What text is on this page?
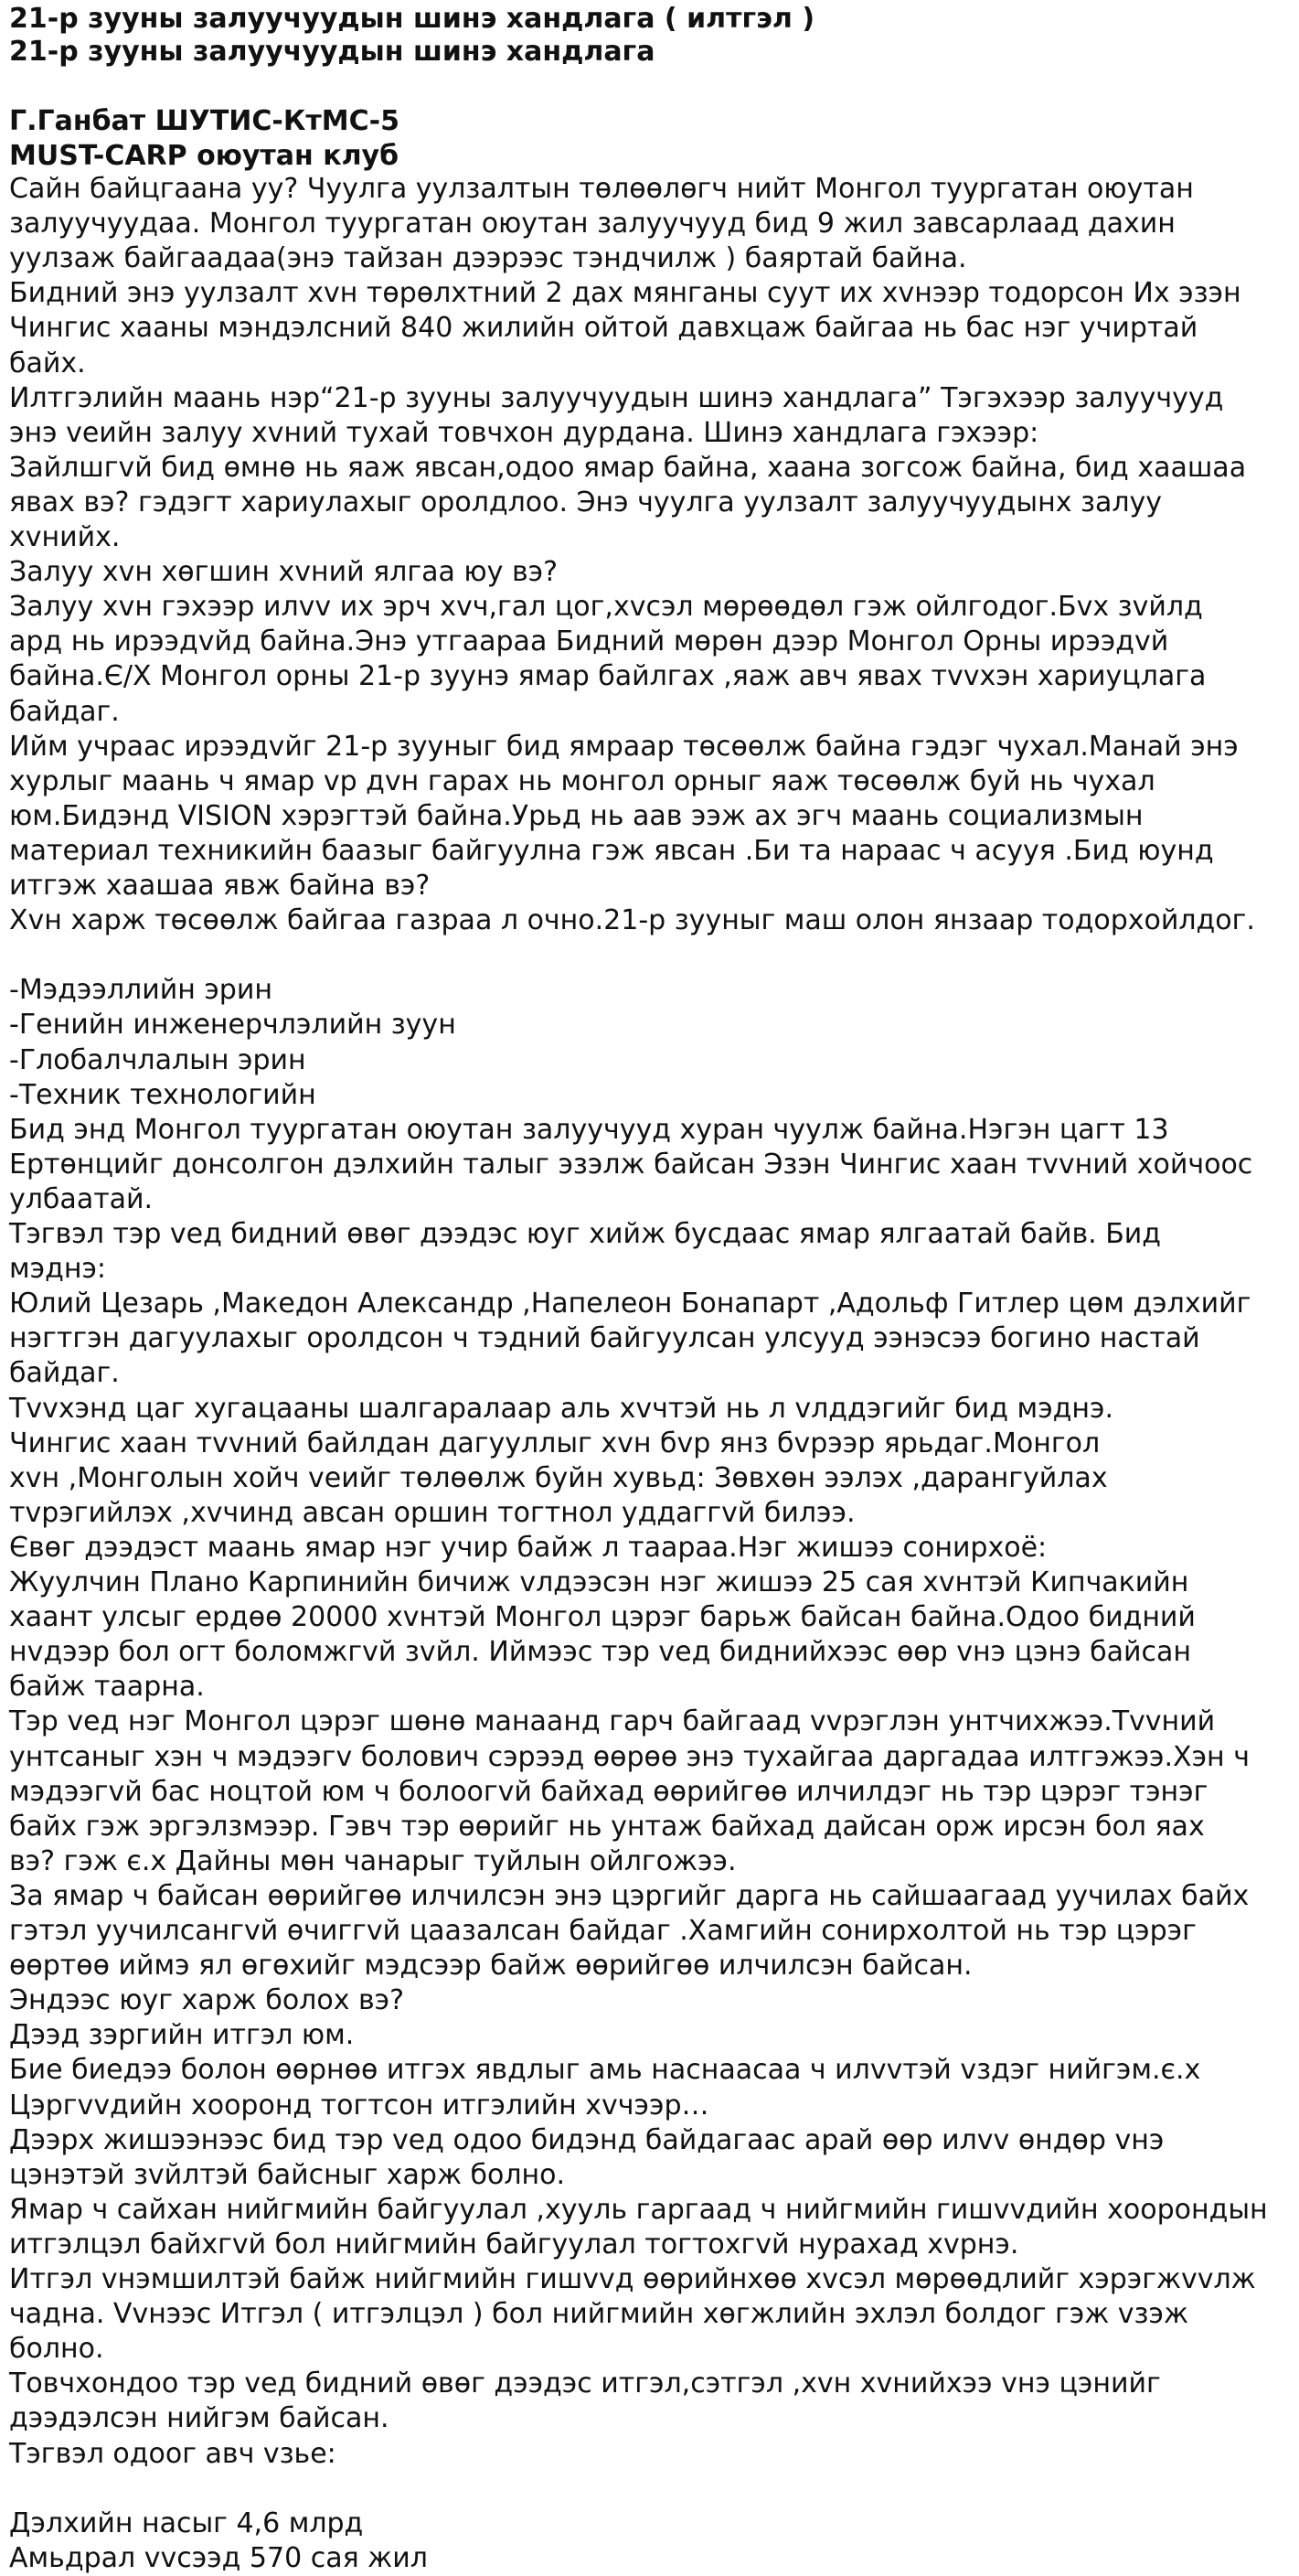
21-р зууны залуучуудын шинэ хандлага ( илтгэл )
21-р зууны залуучуудын шинэ хандлага
Г.Ганбат ШУТИС-КтМС-5
MUST-CARP оюутан клуб
Сайн байцгаана уу? Чуулга уулзалтын төлөөлөгч нийт Монгол туургатан оюутан
залуучуудаа. Монгол туургатан оюутан залуучууд бид 9 жил завсарлаад дахин
уулзаж байгаадаа(энэ тайзан дээрээс тэндчилж ) баяртай байна.
Бидний энэ уулзалт хvн төрөлхтний 2 дах мянганы суут их хvнээр тодорсон Их эзэн
Чингис хааны мэндэлсний 840 жилийн ойтой давхцаж байгаа нь бас нэг учиртай
байх.
Илтгэлийн маань нэр“21-р зууны залуучуудын шинэ хандлага” Тэгэхээр залуучууд
энэ veийн залуу хvний тухай товчхон дурдана. Шинэ хандлага гэхээр:
Зайлшгvй бид өмнө нь яаж явсан,одоо ямар байна, хаана зогсож байна, бид хаашаа
явах вэ? гэдэгт хариулахыг оролдлоо. Энэ чуулга уулзалт залуучуудынх залуу
хvнийх.
Залуу хvн хөгшин хvний ялгаа юу вэ?
Залуу хvн гэхээр илvv их эрч хvч,гал цог,хvсэл мөрөөдөл гэж ойлгодог.Бvх зvйлд
ард нь ирээдvйд байна.Энэ утгаараа Бидний мөрөн дээр Монгол Орны ирээдvй
байна.Є/Х Монгол орны 21-р зуунэ ямар байлгах ,яаж авч явах тvvхэн хариуцлага
байдаг.
Ийм учраас ирээдvйг 21-р зууныг бид ямраар төсөөлж байна гэдэг чухал.Манай энэ
хурлыг маань ч ямар vр дvн гарах нь монгол орныг яаж төсөөлж буй нь чухал
юм.Бидэнд VISION хэрэгтэй байна.Урьд нь аав ээж ах эгч маань социализмын
материал техникийн баазыг байгуулна гэж явсан .Би та нараас ч асууя .Бид юунд
итгэж хаашаа явж байна вэ?
Хvн харж төсөөлж байгаа газраа л очно.21-р зууныг маш олон янзаар тодорхойлдог.
-Мэдээллийн эрин
-Генийн инженерчлэлийн зуун
-Глобалчлалын эрин
-Техник технологийн
Бид энд Монгол туургатан оюутан залуучууд хуран чуулж байна.Нэгэн цагт 13
Ертөнцийг донсолгон дэлхийн талыг эзэлж байсан Эзэн Чингис хаан тvvний хойчоос
улбаатай.
Тэгвэл тэр vед бидний өвөг дээдэс юуг хийж бусдаас ямар ялгаатай байв. Бид
мэднэ:
Юлий Цезарь ,Македон Александр ,Напелеон Бонапарт ,Адольф Гитлер цөм дэлхийг
нэгтгэн дагуулахыг оролдсон ч тэдний байгуулсан улсууд ээнэсээ богино настай
байдаг.
Тvvхэнд цаг хугацааны шалгаралаар аль хvчтэй нь л vлддэгийг бид мэднэ.
Чингис хаан тvvний байлдан дагууллыг хvн бvр янз бvрээр ярьдаг.Монгол
хvн ,Монголын хойч veийг төлөөлж буйн хувьд: Зөвхөн ээлэх ,дарангуйлах
тvрэгийлэх ,хvчинд авсан оршин тогтнол уддаггvй билээ.
Євөг дээдэст маань ямар нэг учир байж л таараа.Нэг жишээ сонирхоё:
Жуулчин Плано Карпинийн бичиж vлдээсэн нэг жишээ 25 сая хvнтэй Кипчакийн
хаант улсыг ердөө 20000 хvнтэй Монгол цэрэг барьж байсан байна.Одоо бидний
нvдээр бол огт боломжгvй зvйл. Иймээс тэр vед биднийхээс өөр vнэ цэнэ байсан
байж таарна.
Тэр vед нэг Монгол цэрэг шөнө манаанд гарч байгаад vvрэглэн унтчихжээ.Тvvний
унтсаныг хэн ч мэдээгv болович сэрээд өөрөө энэ тухайгаа даргадаа илтгэжээ.Хэн ч
мэдээгvй бас ноцтой юм ч болоогvй байхад өөрийгөө илчилдэг нь тэр цэрэг тэнэг
байх гэж эргэлзмээр. Гэвч тэр өөрийг нь унтаж байхад дайсан орж ирсэн бол яах
вэ? гэж є.х Дайны мөн чанарыг туйлын ойлгожээ.
За ямар ч байсан өөрийгөө илчилсэн энэ цэргийг дарга нь сайшаагаад уучилах байх
гэтэл уучилсангvй өчиггvй цаазалсан байдаг .Хамгийн сонирхолтой нь тэр цэрэг
өөртөө иймэ ял өгөхийг мэдсээр байж өөрийгөө илчилсэн байсан.
Эндээс юуг харж болох вэ?
Дээд зэргийн итгэл юм.
Бие биедээ болон өөрнөө итгэх явдлыг амь наснаасаа ч илvvтэй vздэг нийгэм.є.х
Цэргvvдийн хооронд тогтсон итгэлийн хvчээр…
Дээрх жишээнээс бид тэр vед одоо бидэнд байдагаас арай өөр илvv өндөр vнэ
цэнэтэй зvйлтэй байсныг харж болно.
Ямар ч сайхан нийгмийн байгуулал ,хууль гаргаад ч нийгмийн гишvvдийн хоорондын
итгэлцэл байхгvй бол нийгмийн байгуулал тогтохгvй нурахад хvрнэ.
Итгэл vнэмшилтэй байж нийгмийн гишvvд өөрийнхөө хvсэл мөрөөдлийг хэрэгжvvлж
чадна. Vvнээс Итгэл ( итгэлцэл ) бол нийгмийн хөгжлийн эхлэл болдог гэж vзэж
болно.
Товчхондоо тэр vед бидний өвөг дээдэс итгэл,сэтгэл ,хvн хvнийхээ vнэ цэнийг
дээдэлсэн нийгэм байсан.
Тэгвэл одоог авч vзье:
Дэлхийн насыг 4,6 млрд
Амьдрал vvсээд 570 сая жил
